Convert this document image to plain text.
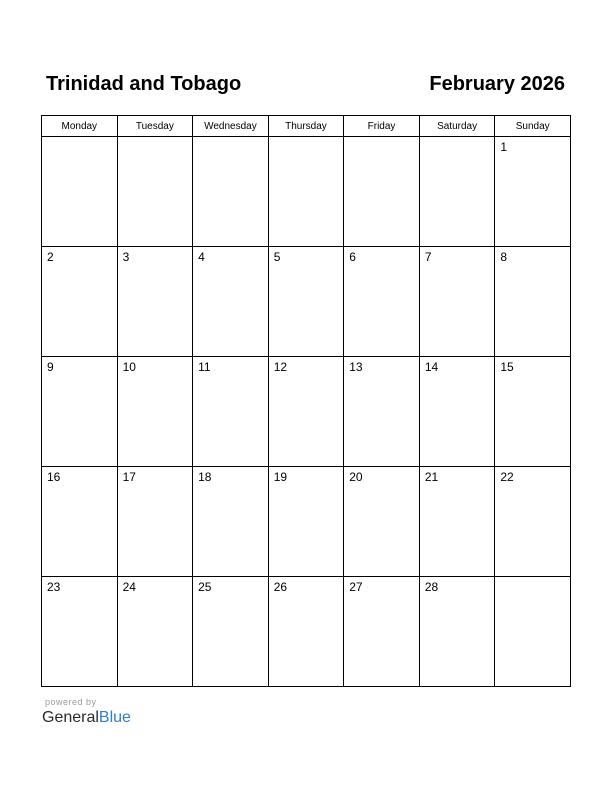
Trinidad and Tobago	February 2026
Monday	Tuesday	Wednesday	Thursday	Friday	Saturday	Sunday

						1

2	3	4	5	6	7	8

9	10	11	12	13	14	15

16	17	18	19	20	21	22

23	24	25	26	27	28	

powered by
GeneralBlue
